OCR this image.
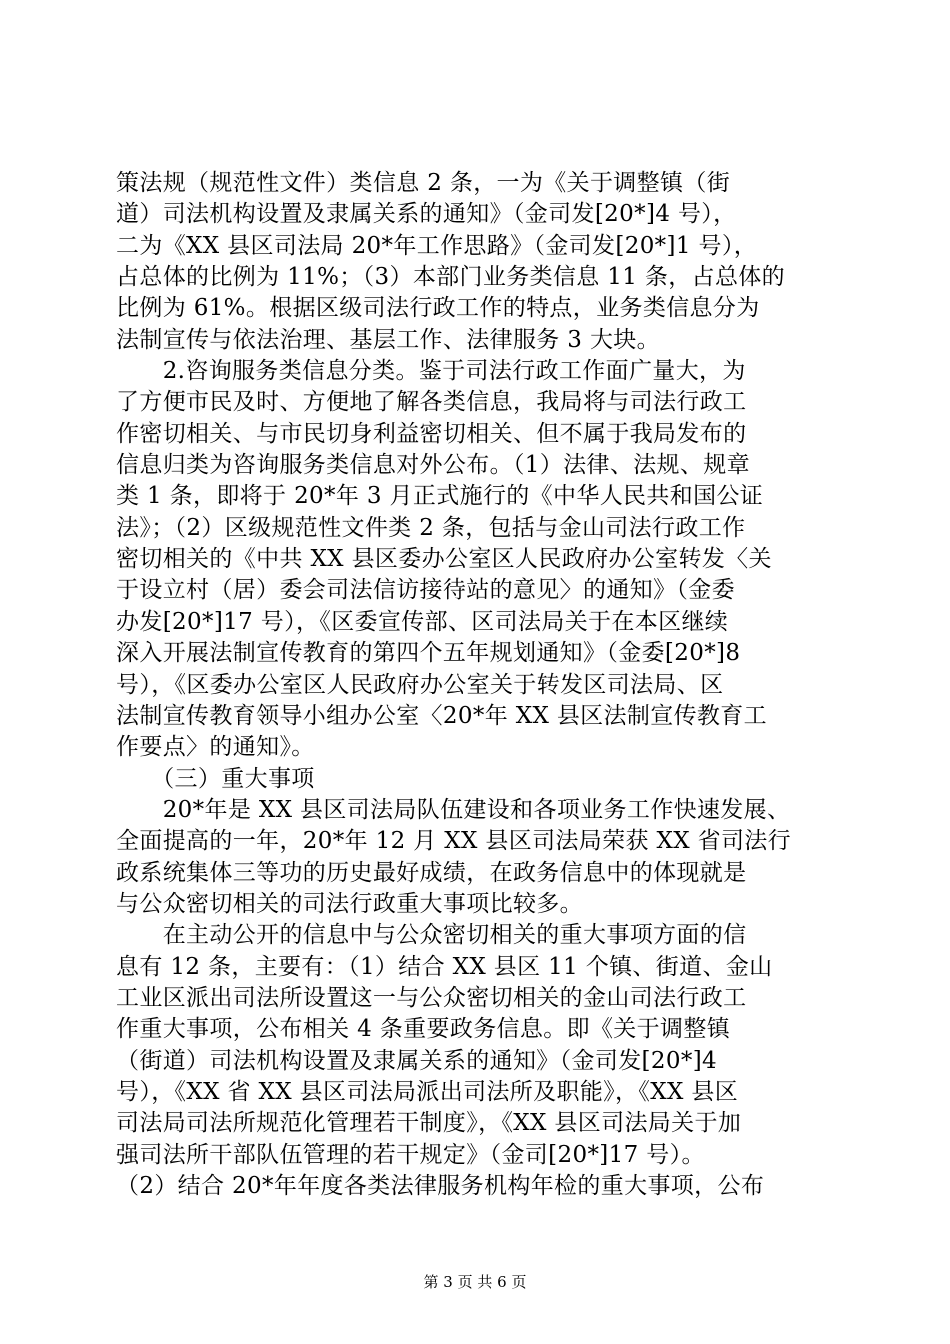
策法规（规范性文件）类信息 2 条，一为《关于调整镇（街
道）司法机构设置及隶属关系的通知》（金司发[20*]4 号），
二为《XX 县区司法局 20*年工作思路》（金司发[20*]1 号），
占总体的比例为 11%；（3）本部门业务类信息 11 条，占总体的
比例为 61%。根据区级司法行政工作的特点，业务类信息分为
法制宣传与依法治理、基层工作、法律服务 3 大块。
　　2.咨询服务类信息分类。鉴于司法行政工作面广量大，为
了方便市民及时、方便地了解各类信息，我局将与司法行政工
作密切相关、与市民切身利益密切相关、但不属于我局发布的
信息归类为咨询服务类信息对外公布。（1）法律、法规、规章
类 1 条，即将于 20*年 3 月正式施行的《中华人民共和国公证
法》；（2）区级规范性文件类 2 条，包括与金山司法行政工作
密切相关的《中共 XX 县区委办公室区人民政府办公室转发〈关
于设立村（居）委会司法信访接待站的意见〉的通知》（金委
办发[20*]17 号），《区委宣传部、区司法局关于在本区继续
深入开展法制宣传教育的第四个五年规划通知》（金委[20*]8
号），《区委办公室区人民政府办公室关于转发区司法局、区
法制宣传教育领导小组办公室〈20*年 XX 县区法制宣传教育工
作要点〉的通知》。
　　（三）重大事项
　　20*年是 XX 县区司法局队伍建设和各项业务工作快速发展、
全面提高的一年，20*年 12 月 XX 县区司法局荣获 XX 省司法行
政系统集体三等功的历史最好成绩，在政务信息中的体现就是
与公众密切相关的司法行政重大事项比较多。
　　在主动公开的信息中与公众密切相关的重大事项方面的信
息有 12 条，主要有：（1）结合 XX 县区 11 个镇、街道、金山
工业区派出司法所设置这一与公众密切相关的金山司法行政工
作重大事项，公布相关 4 条重要政务信息。即《关于调整镇
（街道）司法机构设置及隶属关系的通知》（金司发[20*]4
号），《XX 省 XX 县区司法局派出司法所及职能》，《XX 县区
司法局司法所规范化管理若干制度》，《XX 县区司法局关于加
强司法所干部队伍管理的若干规定》（金司[20*]17 号）。
（2）结合 20*年年度各类法律服务机构年检的重大事项，公布
第 3 页 共 6 页
